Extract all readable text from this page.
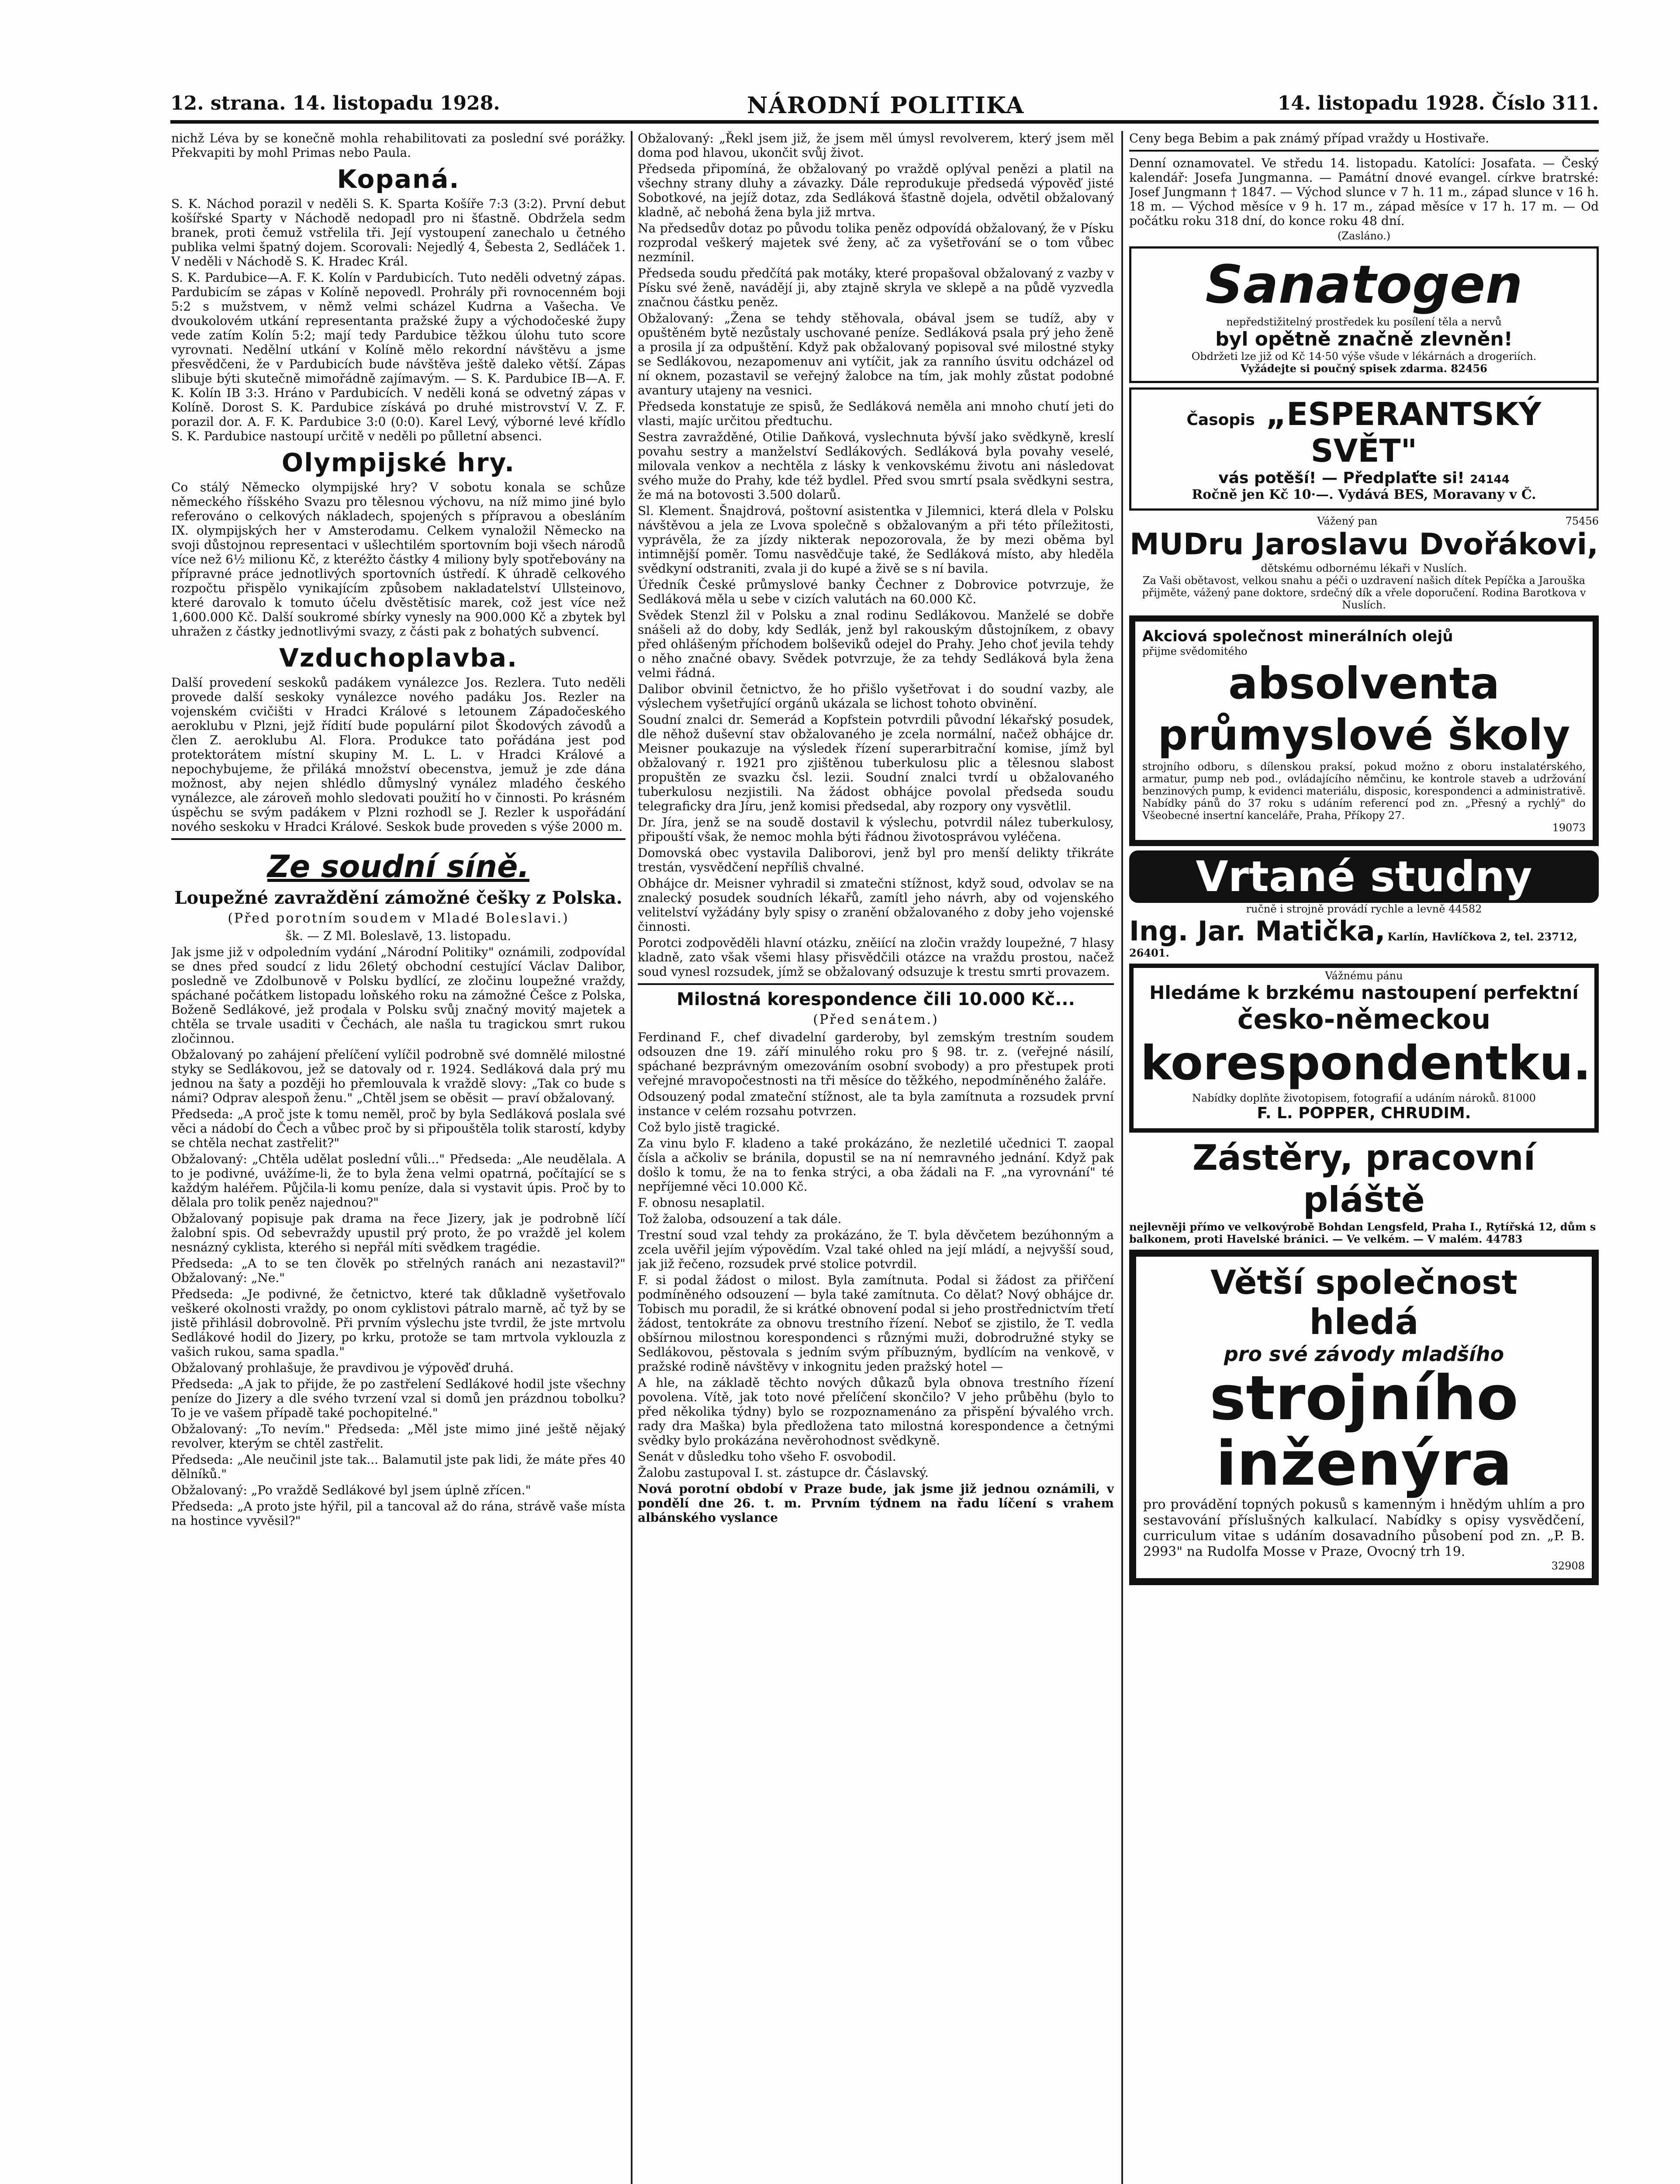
12. strana. 14. listopadu 1928.	NÁRODNÍ POLITIKA	14. listopadu 1928. Číslo 311.

nichž Léva by se konečně mohla rehabilitovati za poslední své porážky. Překvapiti by mohl Primas nebo Paula.

Kopaná.

S. K. Náchod porazil v neděli S. K. Sparta Košíře 7:3 (3:2). První debut košířské Sparty v Náchodě nedopadl pro ni šťastně. Obdržela sedm branek, proti čemuž vstřelila tři. Její vystoupení zanechalo u četného publika velmi špatný dojem. Scorovali: Nejedlý 4, Šebesta 2, Sedláček 1. V neděli v Náchodě S. K. Hradec Král.

S. K. Pardubice—A. F. K. Kolín v Pardubicích. Tuto neděli odvetný zápas. Pardubicím se zápas v Kolíně nepovedl. Prohrály při rovnocenném boji 5:2 s mužstvem, v němž velmi scházel Kudrna a Vašecha. Ve dvoukolovém utkání representanta pražské župy a východočeské župy vede zatím Kolín 5:2; mají tedy Pardubice těžkou úlohu tuto score vyrovnati. Nedělní utkání v Kolíně mělo rekordní návštěvu a jsme přesvědčeni, že v Pardubicích bude návštěva ještě daleko větší. Zápas slibuje býti skutečně mimořádně zajímavým. — S. K. Pardubice IB—A. F. K. Kolín IB 3:3. Hráno v Pardubicích. V neděli koná se odvetný zápas v Kolíně. Dorost S. K. Pardubice získává po druhé mistrovství V. Z. F. porazil dor. A. F. K. Pardubice 3:0 (0:0). Karel Levý, výborné levé křídlo S. K. Pardubice nastoupí určitě v neděli po půlletní absenci.

Olympijské hry.

Co stálý Německo olympijské hry? V sobotu konala se schůze německého říšského Svazu pro tělesnou výchovu, na níž mimo jiné bylo referováno o celkových nákladech, spojených s přípravou a obesláním IX. olympijských her v Amsterodamu. Celkem vynaložil Německo na svoji důstojnou representaci v ušlechtilém sportovním boji všech národů více než 6½ milionu Kč, z kteréžto částky 4 miliony byly spotřebovány na přípravné práce jednotlivých sportovních ústředí. K úhradě celkového rozpočtu přispělo vynikajícím způsobem nakladatelství Ullsteinovo, které darovalo k tomuto účelu dvěstětisíc marek, což jest více než 1,600.000 Kč. Další soukromé sbírky vynesly na 900.000 Kč a zbytek byl uhražen z částky jednotlivými svazy, z části pak z bohatých subvencí.

Vzduchoplavba.

Další provedení seskoků padákem vynálezce Jos. Rezlera. Tuto neděli provede další seskoky vynálezce nového padáku Jos. Rezler na vojenském cvičišti v Hradci Králové s letounem Západočeského aeroklubu v Plzni, jejž řídití bude populární pilot Škodových závodů a člen Z. aeroklubu Al. Flora. Produkce tato pořádána jest pod protektorátem místní skupiny M. L. L. v Hradci Králové a nepochybujeme, že přiláká množství obecenstva, jemuž je zde dána možnost, aby nejen shlédlo důmyslný vynález mladého českého vynálezce, ale zároveň mohlo sledovati použití ho v činnosti. Po krásném úspěchu se svým padákem v Plzni rozhodl se J. Rezler k uspořádání nového seskoku v Hradci Králové. Seskok bude proveden s výše 2000 m.

Ze soudní síně.
Loupežné zavraždění zámožné češky z Polska.
(Před porotním soudem v Mladé Boleslavi.)

šk. — Z Ml. Boleslavě, 13. listopadu.

Jak jsme již v odpoledním vydání „Národní Politiky" oznámili, zodpovídal se dnes před soudcí z lidu 26letý obchodní cestující Václav Dalibor, posledně ve Zdolbunově v Polsku bydlící, ze zločinu loupežné vraždy, spáchané počátkem listopadu loňského roku na zámožné Češce z Polska, Boženě Sedlákové, jež prodala v Polsku svůj značný movitý majetek a chtěla se trvale usaditi v Čechách, ale našla tu tragickou smrt rukou zločinnou.

Obžalovaný po zahájení přelíčení vylíčil podrobně své domnělé milostné styky se Sedlákovou, jež se datovaly od r. 1924. Sedláková dala prý mu jednou na šaty a později ho přemlouvala k vraždě slovy: „Tak co bude s námi? Odprav alespoň ženu." „Chtěl jsem se oběsit — praví obžalovaný.

Předseda: „A proč jste k tomu neměl, proč by byla Sedláková poslala své věci a nádobí do Čech a vůbec proč by si připouštěla tolik starostí, kdyby se chtěla nechat zastřelit?"

Obžalovaný: „Chtěla udělat poslední vůli..." Předseda: „Ale neudělala. A to je podivné, uvážíme-li, že to byla žena velmi opatrná, počítající se s každým haléřem. Půjčila-li komu peníze, dala si vystavit úpis. Proč by to dělala pro tolik peněz najednou?"

Obžalovaný popisuje pak drama na řece Jizery, jak je podrobně líčí žalobní spis. Od sebevraždy upustil prý proto, že po vraždě jel kolem nesnázný cyklista, kterého si nepřál míti svědkem tragédie.

Předseda: „A to se ten člověk po střelných ranách ani nezastavil?" Obžalovaný: „Ne."

Předseda: „Je podivné, že četnictvo, které tak důkladně vyšetřovalo veškeré okolnosti vraždy, po onom cyklistovi pátralo marně, ač tyž by se jistě přihlásil dobrovolně. Při prvním výslechu jste tvrdil, že jste mrtvolu Sedlákové hodil do Jizery, po krku, protože se tam mrtvola vyklouzla z vašich rukou, sama spadla."

Obžalovaný prohlašuje, že pravdivou je výpověď druhá.

Předseda: „A jak to přijde, že po zastřelení Sedlákové hodil jste všechny peníze do Jizery a dle svého tvrzení vzal si domů jen prázdnou tobolku? To je ve vašem případě také pochopitelné."

Obžalovaný: „To nevím." Předseda: „Měl jste mimo jiné ještě nějaký revolver, kterým se chtěl zastřelit.

Předseda: „Ale neučinil jste tak... Balamutil jste pak lidi, že máte přes 40 dělníků."

Obžalovaný: „Po vraždě Sedlákové byl jsem úplně zřícen."

Předseda: „A proto jste hýřil, pil a tancoval až do rána, strávě vaše místa na hostince vyvěsil?"

Obžalovaný: „Řekl jsem již, že jsem měl úmysl revolverem, který jsem měl doma pod hlavou, ukončit svůj život.

Předseda připomíná, že obžalovaný po vraždě oplýval penězi a platil na všechny strany dluhy a závazky. Dále reprodukuje předsedá výpověď jisté Sobotkové, na jejíž dotaz, zda Sedláková šťastně dojela, odvětil obžalovaný kladně, ač nebohá žena byla již mrtva.

Na předsedův dotaz po původu tolika peněz odpovídá obžalovaný, že v Písku rozprodal veškerý majetek své ženy, ač za vyšetřování se o tom vůbec nezmínil.

Předseda soudu předčítá pak motáky, které propašoval obžalovaný z vazby v Písku své ženě, navádějí ji, aby ztajně skryla ve sklepě a na půdě vyzvedla značnou částku peněz.

Obžalovaný: „Žena se tehdy stěhovala, obával jsem se tudíž, aby v opuštěném bytě nezůstaly uschované peníze. Sedláková psala prý jeho ženě a prosila jí za odpuštění. Když pak obžalovaný popisoval své milostné styky se Sedlákovou, nezapomenuv ani vytíčit, jak za ranního úsvitu odcházel od ní oknem, pozastavil se veřejný žalobce na tím, jak mohly zůstat podobné avantury utajeny na vesnici.

Předseda konstatuje ze spisů, že Sedláková neměla ani mnoho chutí jeti do vlasti, majíc určitou předtuchu.

Sestra zavražděné, Otilie Daňková, vyslechnuta bývší jako svědkyně, kreslí povahu sestry a manželství Sedlákových. Sedláková byla povahy veselé, milovala venkov a nechtěla z lásky k venkovskému životu ani následovat svého muže do Prahy, kde též bydlel. Před svou smrtí psala svědkyni sestra, že má na botovosti 3.500 dolarů.

Sl. Klement. Šnajdrová, poštovní asistentka v Jilemnici, která dlela v Polsku návštěvou a jela ze Lvova společně s obžalovaným a při této příležitosti, vyprávěla, že za jízdy nikterak nepozorovala, že by mezi oběma byl intimnější poměr. Tomu nasvědčuje také, že Sedláková místo, aby hleděla svědkyní odstraniti, zvala ji do kupé a živě se s ní bavila.

Úředník České průmyslové banky Čechner z Dobrovice potvrzuje, že Sedláková měla u sebe v cizích valutách na 60.000 Kč.

Svědek Stenzl žil v Polsku a znal rodinu Sedlákovou. Manželé se dobře snášeli až do doby, kdy Sedlák, jenž byl rakouským důstojníkem, z obavy před ohlášeným příchodem bolševiků odejel do Prahy. Jeho choť jevila tehdy o něho značné obavy. Svědek potvrzuje, že za tehdy Sedláková byla žena velmi řádná.

Dalibor obvinil četnictvo, že ho přišlo vyšetřovat i do soudní vazby, ale výslechem vyšetřující orgánů ukázala se lichost tohoto obvinění.

Soudní znalci dr. Semerád a Kopfstein potvrdili původní lékařský posudek, dle něhož duševní stav obžalovaného je zcela normální, načež obhájce dr. Meisner poukazuje na výsledek řízení superarbitrační komise, jímž byl obžalovaný r. 1921 pro zjištěnou tuberkulosu plic a tělesnou slabost propuštěn ze svazku čsl. lezii. Soudní znalci tvrdí u obžalovaného tuberkulosu nezjistili. Na žádost obhájce povolal předseda soudu telegraficky dra Jíru, jenž komisi předsedal, aby rozpory ony vysvětlil.

Dr. Jíra, jenž se na soudě dostavil k výslechu, potvrdil nález tuberkulosy, připouští však, že nemoc mohla býti řádnou životosprávou vyléčena.

Domovská obec vystavila Daliborovi, jenž byl pro menší delikty třikráte trestán, vysvědčení nepříliš chvalné.

Obhájce dr. Meisner vyhradil si zmatečni stížnost, když soud, odvolav se na znalecký posudek soudních lékařů, zamítl jeho návrh, aby od vojenského velitelství vyžádány byly spisy o zranění obžalovaného z doby jeho vojenské činnosti.

Porotci zodpověděli hlavní otázku, zněiící na zločin vraždy loupežné, 7 hlasy kladně, zato však všemi hlasy přisvědčili otázce na vraždu prostou, načež soud vynesl rozsudek, jímž se obžalovaný odsuzuje k trestu smrti provazem.

Milostná korespondence čili 10.000 Kč...
(Před senátem.)

Ferdinand F., chef divadelní garderoby, byl zemským trestním soudem odsouzen dne 19. září minulého roku pro § 98. tr. z. (veřejné násilí, spáchané bezprávným omezováním osobní svobody) a pro přestupek proti veřejné mravopočestnosti na tři měsíce do těžkého, nepodmíněného žaláře.

Odsouzený podal zmateční stížnost, ale ta byla zamítnuta a rozsudek první instance v celém rozsahu potvrzen.

Což bylo jistě tragické.

Za vinu bylo F. kladeno a také prokázáno, že nezletilé učednici T. zaopal čísla a ačkoliv se bránila, dopustil se na ní nemravného jednání. Když pak došlo k tomu, že na to fenka strýci, a oba žádali na F. „na vyrovnání" té nepříjemné věci 10.000 Kč.

F. obnosu nesaplatil.

Tož žaloba, odsouzení a tak dále.

Trestní soud vzal tehdy za prokázáno, že T. byla děvčetem bezúhonným a zcela uvěřil jejím výpovědím. Vzal také ohled na její mládí, a nejvyšší soud, jak již řečeno, rozsudek prvé stolice potvrdil.

F. si podal žádost o milost. Byla zamítnuta. Podal si žádost za přiřčení podmíněného odsouzení — byla také zamítnuta. Co dělat? Nový obhájce dr. Tobisch mu poradil, že si krátké obnovení podal si jeho prostřednictvím třetí žádost, tentokráte za obnovu trestního řízení. Neboť se zjistilo, že T. vedla obšírnou milostnou korespondenci s různými muži, dobrodružné styky se Sedlákovou, pěstovala s jedním svým příbuzným, bydlícím na venkově, v pražské rodině návštěvy v inkognitu jeden pražský hotel —

A hle, na základě těchto nových důkazů byla obnova trestního řízení povolena. Vítě, jak toto nové přelíčení skončilo? V jeho průběhu (bylo to před několika týdny) bylo se rozpoznamenáno za přispění bývalého vrch. rady dra Maška) byla předložena tato milostná korespondence a četnými svědky bylo prokázána nevěrohodnost svědkyně.

Senát v důsledku toho všeho F. osvobodil.

Žalobu zastupoval I. st. zástupce dr. Čáslavský.

Nová porotní období v Praze bude, jak jsme již jednou oznámili, v pondělí dne 26. t. m. Prvním týdnem na řadu líčení s vrahem albánského vyslance

Ceny bega Bebim a pak známý případ vraždy u Hostivaře.

Denní oznamovatel. Ve středu 14. listopadu. Katolíci: Josafata. — Český kalendář: Josefa Jungmanna. — Památní dnové evangel. církve bratrské: Josef Jungmann † 1847. — Východ slunce v 7 h. 11 m., západ slunce v 16 h. 18 m. — Východ měsíce v 9 h. 17 m., západ měsíce v 17 h. 17 m. — Od počátku roku 318 dní, do konce roku 48 dní.

(Zasláno.)
Sanatogen
nepředstižitelný prostředek ku posílení těla a nervů
byl opětně značně zlevněn!
Obdržeti lze již od Kč 14·50 výše všude v lékárnách a drogeriích.
Vyžádejte si poučný spisek zdarma. 82456
Časopis „ESPERANTSKÝ SVĚT"
vás potěší! — Předplaťte si! 24144
Ročně jen Kč 10·—. Vydává BES, Moravany v Č.
Vážený pan	75456
MUDru Jaroslavu Dvořákovi,
dětskému odbornému lékaři v Nuslích.
Za Vaši obětavost, velkou snahu a péči o uzdravení našich dítek Pepíčka a Jarouška přijměte, vážený pane doktore, srdečný dík a vřele doporučení. Rodina Barotkova v Nuslích.
Akciová společnost minerálních olejů
přijme svědomitého
absolventa
průmyslové školy
strojního odboru, s dílenskou praksí, pokud možno z oboru instalatérského, armatur, pump neb pod., ovládajícího němčinu, ke kontrole staveb a udržování benzinových pump, k evidenci materiálu, disposic, korespondenci a administrativě. Nabídky pánů do 37 roku s udáním referencí pod zn. „Přesný a rychlý" do Všeobecné insertní kanceláře, Praha, Příkopy 27.
19073
Vrtané studny
ručně i strojně provádí rychle a levně 44582
Ing. Jar. Matička, Karlín, Havlíčkova 2, tel. 23712, 26401.
Vážnému pánu
Hledáme k brzkému nastoupení perfektní
česko-německou
korespondentku.
Nabídky doplňte životopisem, fotografií a udáním nároků. 81000
F. L. POPPER, CHRUDIM.
Zástěry, pracovní pláště
nejlevněji přímo ve velkovýrobě Bohdan Lengsfeld, Praha I., Rytířská 12, dům s balkonem, proti Havelské bránici. — Ve velkém. — V malém. 44783
Větší společnost
hledá
pro své závody mladšího
strojního
inženýra
pro provádění topných pokusů s kamenným i hnědým uhlím a pro sestavování příslušných kalkulací. Nabídky s opisy vysvědčení, curriculum vitae s udáním dosavadního působení pod zn. „P. B. 2993" na Rudolfa Mosse v Praze, Ovocný trh 19.
32908
